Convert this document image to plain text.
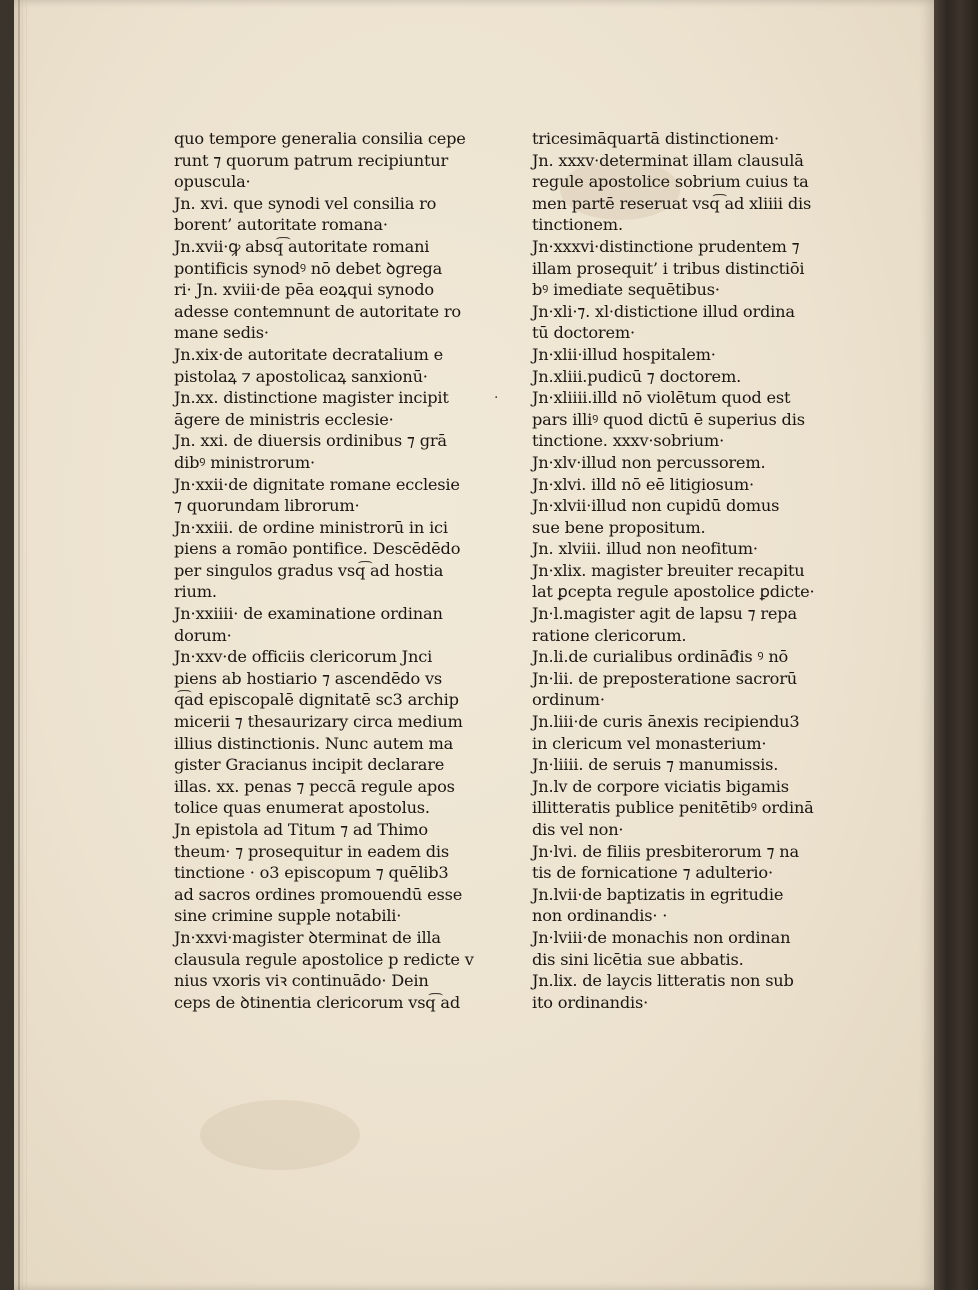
·
quo tempore generalia consilia cepe
runt ⁊ quorum patrum recipiuntur
opuscula·
Jn. xvi. que synodi vel consilia ro
borent’ autoritate romana·
Jn.xvii·ꝙ absq͡ autoritate romani
pontificis synodꝰ nō debet ꝺgrega
ri· Jn. xviii·de pēa eoꝝqui synodo
adesse contemnunt de autoritate ro
mane sedis·
Jn.xix·de autoritate decratalium e
pistolaꝝ ⁊ apostolicaꝝ sanxionū·
Jn.xx. distinctione magister incipit
āgere de ministris ecclesie·
Jn. xxi. de diuersis ordinibus ⁊ grā
dibꝰ ministrorum·
Jn·xxii·de dignitate romane ecclesie
⁊ quorundam librorum·
Jn·xxiii. de ordine ministrorū in ici
piens a romāo pontifice. Descēdēdo
per singulos gradus vsq͡ ad hostia
rium.
Jn·xxiiii· de examinatione ordinan
dorum·
Jn·xxv·de officiis clericorum Jnci
piens ab hostiario ⁊ ascendēdo vs
q͡ad episcopalē dignitatē sc3 archip
micerii ⁊ thesaurizary circa medium
illius distinctionis. Nunc autem ma
gister Gracianus incipit declarare
illas. xx. penas ⁊ peccā regule apos
tolice quas enumerat apostolus.
Jn epistola ad Titum ⁊ ad Thimo
theum· ⁊ prosequitur in eadem dis
tinctione · o3 episcopum ⁊ quēlib3
ad sacros ordines promouendū esse
sine crimine supple notabili·
Jn·xxvi·magister ꝺterminat de illa
clausula regule apostolice p redicte v
nius vxoris viꝛ continuādo· Dein
ceps de ꝺtinentia clericorum vsq͡ ad
tricesimāquartā distinctionem·
Jn. xxxv·determinat illam clausulā
regule apostolice sobrium cuius ta
men partē reseruat vsq͡ ad xliiii dis
tinctionem.
Jn·xxxvi·distinctione prudentem ⁊
illam prosequit’ i tribus distinctiōi
bꝰ imediate sequētibus·
Jn·xli·⁊. xl·distictione illud ordina
tū doctorem·
Jn·xlii·illud hospitalem·
Jn.xliii.pudicū ⁊ doctorem.
Jn·xliiii.illd nō violētum quod est
pars illiꝰ quod dictū ē superius dis
tinctione. xxxv·sobrium·
Jn·xlv·illud non percussorem.
Jn·xlvi. illd nō eē litigiosum·
Jn·xlvii·illud non cupidū domus
sue bene propositum.
Jn. xlviii. illud non neofitum·
Jn·xlix. magister breuiter recapitu
lat ꝑcepta regule apostolice ꝑdicte·
Jn·l.magister agit de lapsu ⁊ repa
ratione clericorum.
Jn.li.de curialibus ordināđis ꝰ nō
Jn·lii. de preposteratione sacrorū
ordinum·
Jn.liii·de curis ānexis recipiendu3
in clericum vel monasterium·
Jn·liiii. de seruis ⁊ manumissis.
Jn.lv de corpore viciatis bigamis
illitteratis publice penitētibꝰ ordinā
dis vel non·
Jn·lvi. de filiis presbiterorum ⁊ na
tis de fornicatione ⁊ adulterio·
Jn.lvii·de baptizatis in egritudie
non ordinandis· ·
Jn·lviii·de monachis non ordinan
dis sini licētia sue abbatis.
Jn.lix. de laycis litteratis non sub
ito ordinandis·
